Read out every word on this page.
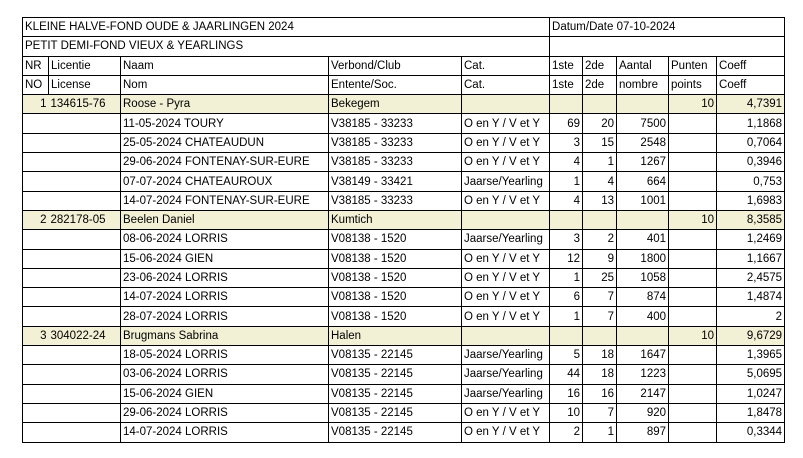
KLEINE HALVE-FOND OUDE & JAARLINGEN 2024					Datum/Date 07-10-2024				
PETIT DEMI-FOND VIEUX & YEARLINGS									
NR	Licentie	Naam	Verbond/Club	Cat.	1ste	2de	Aantal	Punten	Coeff
NO	License	Nom	Entente/Soc.	Cat.	1ste	2de	nombre	points	Coeff
1	134615-76	Roose - Pyra	Bekegem					10	4,7391
		11-05-2024 TOURY	V38185 - 33233	O en Y / V et Y	69	20	7500		1,1868
		25-05-2024 CHATEAUDUN	V38185 - 33233	O en Y / V et Y	3	15	2548		0,7064
		29-06-2024 FONTENAY-SUR-EURE	V38185 - 33233	O en Y / V et Y	4	1	1267		0,3946
		07-07-2024 CHATEAUROUX	V38149 - 33421	Jaarse/Yearling	1	4	664		0,753
		14-07-2024 FONTENAY-SUR-EURE	V38185 - 33233	O en Y / V et Y	4	13	1001		1,6983
2	282178-05	Beelen Daniel	Kumtich					10	8,3585
		08-06-2024 LORRIS	V08138 - 1520	Jaarse/Yearling	3	2	401		1,2469
		15-06-2024 GIEN	V08138 - 1520	O en Y / V et Y	12	9	1800		1,1667
		23-06-2024 LORRIS	V08138 - 1520	O en Y / V et Y	1	25	1058		2,4575
		14-07-2024 LORRIS	V08138 - 1520	O en Y / V et Y	6	7	874		1,4874
		28-07-2024 LORRIS	V08138 - 1520	O en Y / V et Y	1	7	400		2
3	304022-24	Brugmans Sabrina	Halen					10	9,6729
		18-05-2024 LORRIS	V08135 - 22145	Jaarse/Yearling	5	18	1647		1,3965
		03-06-2024 LORRIS	V08135 - 22145	Jaarse/Yearling	44	18	1223		5,0695
		15-06-2024 GIEN	V08135 - 22145	Jaarse/Yearling	16	16	2147		1,0247
		29-06-2024 LORRIS	V08135 - 22145	O en Y / V et Y	10	7	920		1,8478
		14-07-2024 LORRIS	V08135 - 22145	O en Y / V et Y	2	1	897		0,3344
